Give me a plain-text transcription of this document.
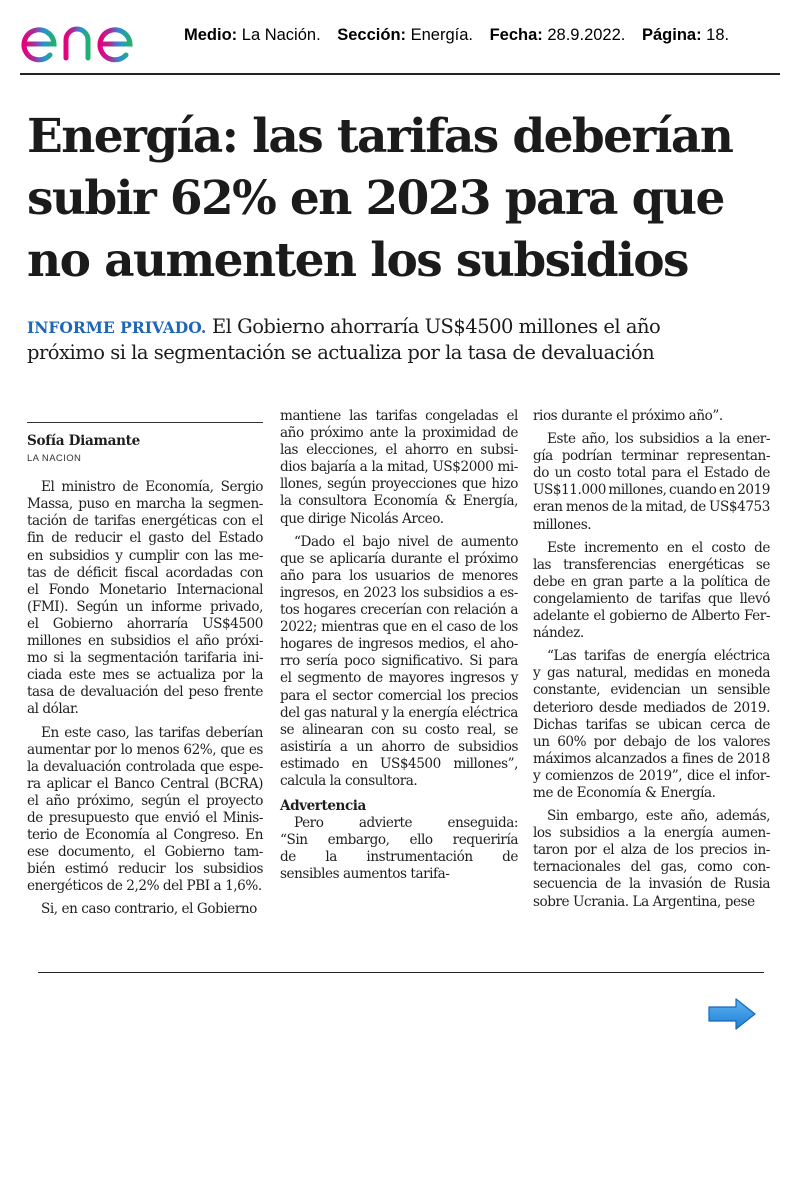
Medio: La Nación. Sección: Energía. Fecha: 28.9.2022. Página: 18.
Energía: las tarifas deberían
subir 62% en 2023 para que
no aumenten los subsidios
INFORME PRIVADO. El Gobierno ahorraría US$4500 millones el año
próximo si la segmentación se actualiza por la tasa de devaluación
Sofía Diamante
LA NACION
El ministro de Economía, Sergio
Massa, puso en marcha la segmen-
tación de tarifas energéticas con el
fin de reducir el gasto del Estado
en subsidios y cumplir con las me-
tas de déficit fiscal acordadas con
el Fondo Monetario Internacional
(FMI). Según un informe privado,
el Gobierno ahorraría US$4500
millones en subsidios el año próxi-
mo si la segmentación tarifaria ini-
ciada este mes se actualiza por la
tasa de devaluación del peso frente
al dólar.
En este caso, las tarifas deberían
aumentar por lo menos 62%, que es
la devaluación controlada que espe-
ra aplicar el Banco Central (BCRA)
el año próximo, según el proyecto
de presupuesto que envió el Minis-
terio de Economía al Congreso. En
ese documento, el Gobierno tam-
bién estimó reducir los subsidios
energéticos de 2,2% del PBI a 1,6%.
Si, en caso contrario, el Gobierno
mantiene las tarifas congeladas el
año próximo ante la proximidad de
las elecciones, el ahorro en subsi-
dios bajaría a la mitad, US$2000 mi-
llones, según proyecciones que hizo
la consultora Economía & Energía,
que dirige Nicolás Arceo.
“Dado el bajo nivel de aumento
que se aplicaría durante el próximo
año para los usuarios de menores
ingresos, en 2023 los subsidios a es-
tos hogares crecerían con relación a
2022; mientras que en el caso de los
hogares de ingresos medios, el aho-
rro sería poco significativo. Si para
el segmento de mayores ingresos y
para el sector comercial los precios
del gas natural y la energía eléctrica
se alinearan con su costo real, se
asistiría a un ahorro de subsidios
estimado en US$4500 millones”,
calcula la consultora.
Advertencia
Pero	advierte	enseguida:
“Sin embargo, ello requeriría
de la instrumentación de
sensibles aumentos tarifa-
rios durante el próximo año”.
Este año, los subsidios a la ener-
gía podrían terminar representan-
do un costo total para el Estado de
US$11.000 millones, cuando en 2019
eran menos de la mitad, de US$4753
millones.
Este incremento en el costo de
las transferencias energéticas se
debe en gran parte a la política de
congelamiento de tarifas que llevó
adelante el gobierno de Alberto Fer-
nández.
“Las tarifas de energía eléctrica
y gas natural, medidas en moneda
constante, evidencian un sensible
deterioro desde mediados de 2019.
Dichas tarifas se ubican cerca de
un 60% por debajo de los valores
máximos alcanzados a fines de 2018
y comienzos de 2019”, dice el infor-
me de Economía & Energía.
Sin embargo, este año, además,
los subsidios a la energía aumen-
taron por el alza de los precios in-
ternacionales del gas, como con-
secuencia de la invasión de Rusia
sobre Ucrania. La Argentina, pese
